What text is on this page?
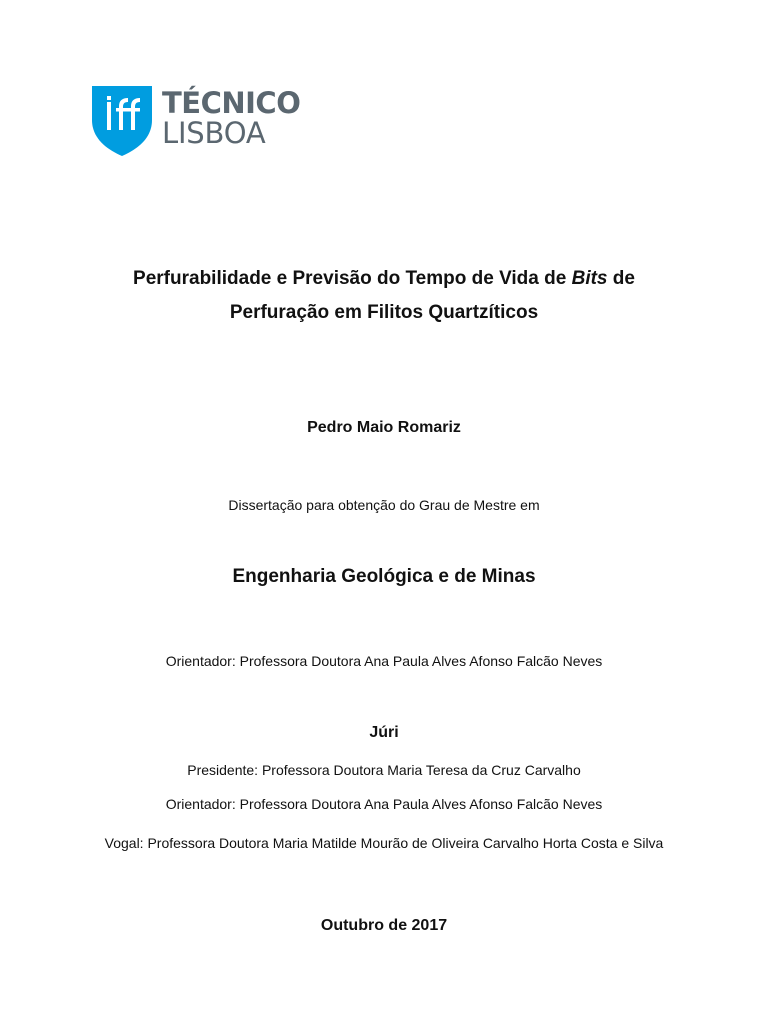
TÉCNICO
LISBOA
Perfurabilidade e Previsão do Tempo de Vida de Bits de
Perfuração em Filitos Quartzíticos
Pedro Maio Romariz
Dissertação para obtenção do Grau de Mestre em
Engenharia Geológica e de Minas
Orientador: Professora Doutora Ana Paula Alves Afonso Falcão Neves
Júri
Presidente: Professora Doutora Maria Teresa da Cruz Carvalho
Orientador: Professora Doutora Ana Paula Alves Afonso Falcão Neves
Vogal: Professora Doutora Maria Matilde Mourão de Oliveira Carvalho Horta Costa e Silva
Outubro de 2017
